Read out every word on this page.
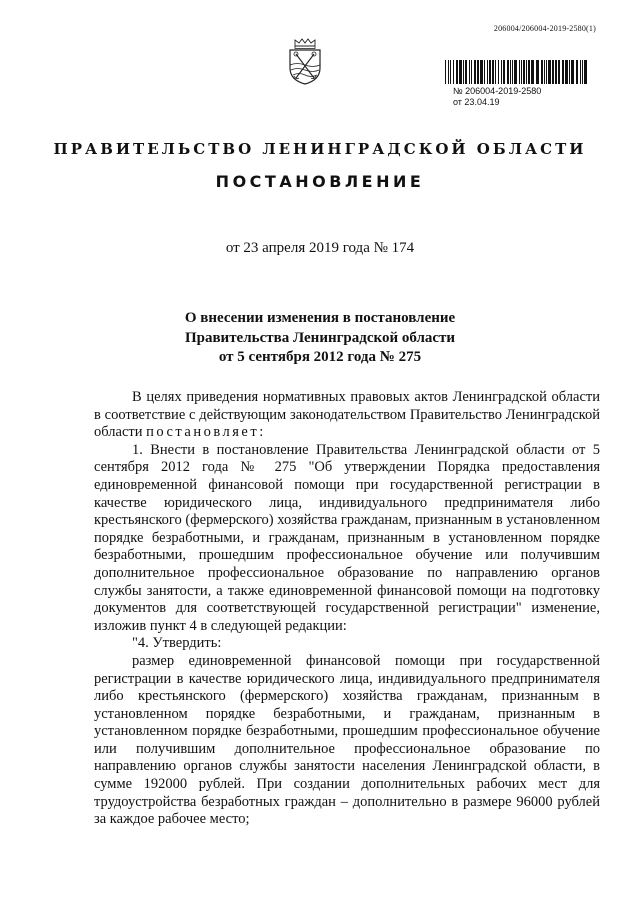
206004/206004-2019-2580(1)
№ 206004-2019-2580
от 23.04.19
ПРАВИТЕЛЬСТВО ЛЕНИНГРАДСКОЙ ОБЛАСТИ
ПОСТАНОВЛЕНИЕ
от 23 апреля 2019 года № 174
О внесении изменения в постановление
Правительства Ленинградской области
от 5 сентября 2012 года № 275

В целях приведения нормативных правовых актов Ленинградской области в соответствие с действующим законодательством Правительство Ленинградской области постановляет:

1. Внести в постановление Правительства Ленинградской области от 5 сентября 2012 года № 275 "Об утверждении Порядка предоставления единовременной финансовой помощи при государственной регистрации в качестве юридического лица, индивидуального предпринимателя либо крестьянского (фермерского) хозяйства гражданам, признанным в установленном порядке безработными, и гражданам, признанным в установленном порядке безработными, прошедшим профессиональное обучение или получившим дополнительное профессиональное образование по направлению органов службы занятости, а также единовременной финансовой помощи на подготовку документов для соответствующей государственной регистрации" изменение, изложив пункт 4 в следующей редакции:

"4. Утвердить:

размер единовременной финансовой помощи при государственной регистрации в качестве юридического лица, индивидуального предпринимателя либо крестьянского (фермерского) хозяйства гражданам, признанным в установленном порядке безработными, и гражданам, признанным в установленном порядке безработными, прошедшим профессиональное обучение или получившим дополнительное профессиональное образование по направлению органов службы занятости населения Ленинградской области, в сумме 192000 рублей. При создании дополнительных рабочих мест для трудоустройства безработных граждан – дополнительно в размере 96000 рублей за каждое рабочее место;
